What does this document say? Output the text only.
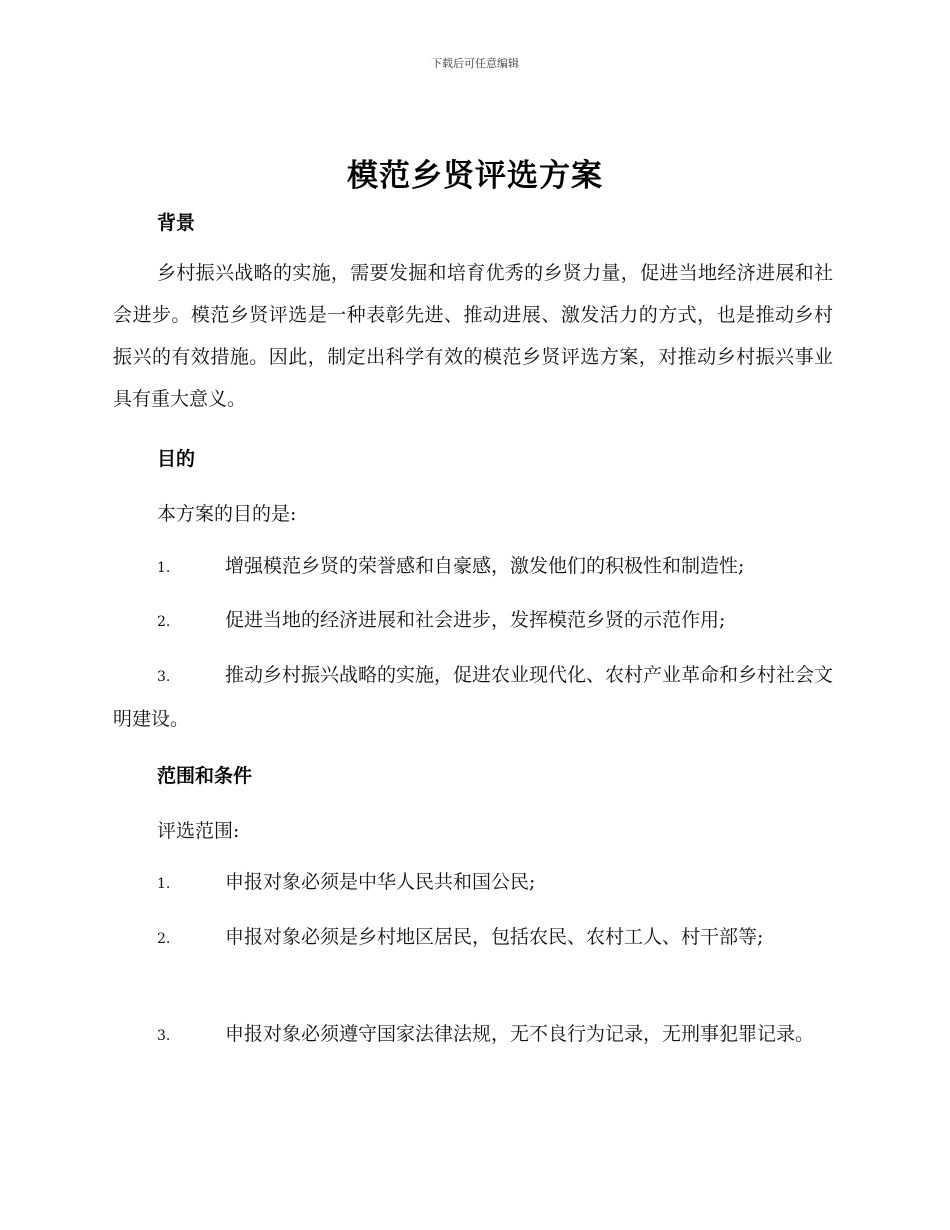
下载后可任意编辑
模范乡贤评选方案
背景

乡村振兴战略的实施，需要发掘和培育优秀的乡贤力量，促进当地经济进展和社会进步。模范乡贤评选是一种表彰先进、推动进展、激发活力的方式，也是推动乡村振兴的有效措施。因此，制定出科学有效的模范乡贤评选方案，对推动乡村振兴事业具有重大意义。

目的
本方案的目的是:

1.	增强模范乡贤的荣誉感和自豪感，激发他们的积极性和制造性;

2.	促进当地的经济进展和社会进步，发挥模范乡贤的示范作用;

3.	推动乡村振兴战略的实施，促进农业现代化、农村产业革命和乡村社会文明建设。

范围和条件
评选范围:

1.	申报对象必须是中华人民共和国公民;

2.	申报对象必须是乡村地区居民，包括农民、农村工人、村干部等;

3.	申报对象必须遵守国家法律法规，无不良行为记录，无刑事犯罪记录。
